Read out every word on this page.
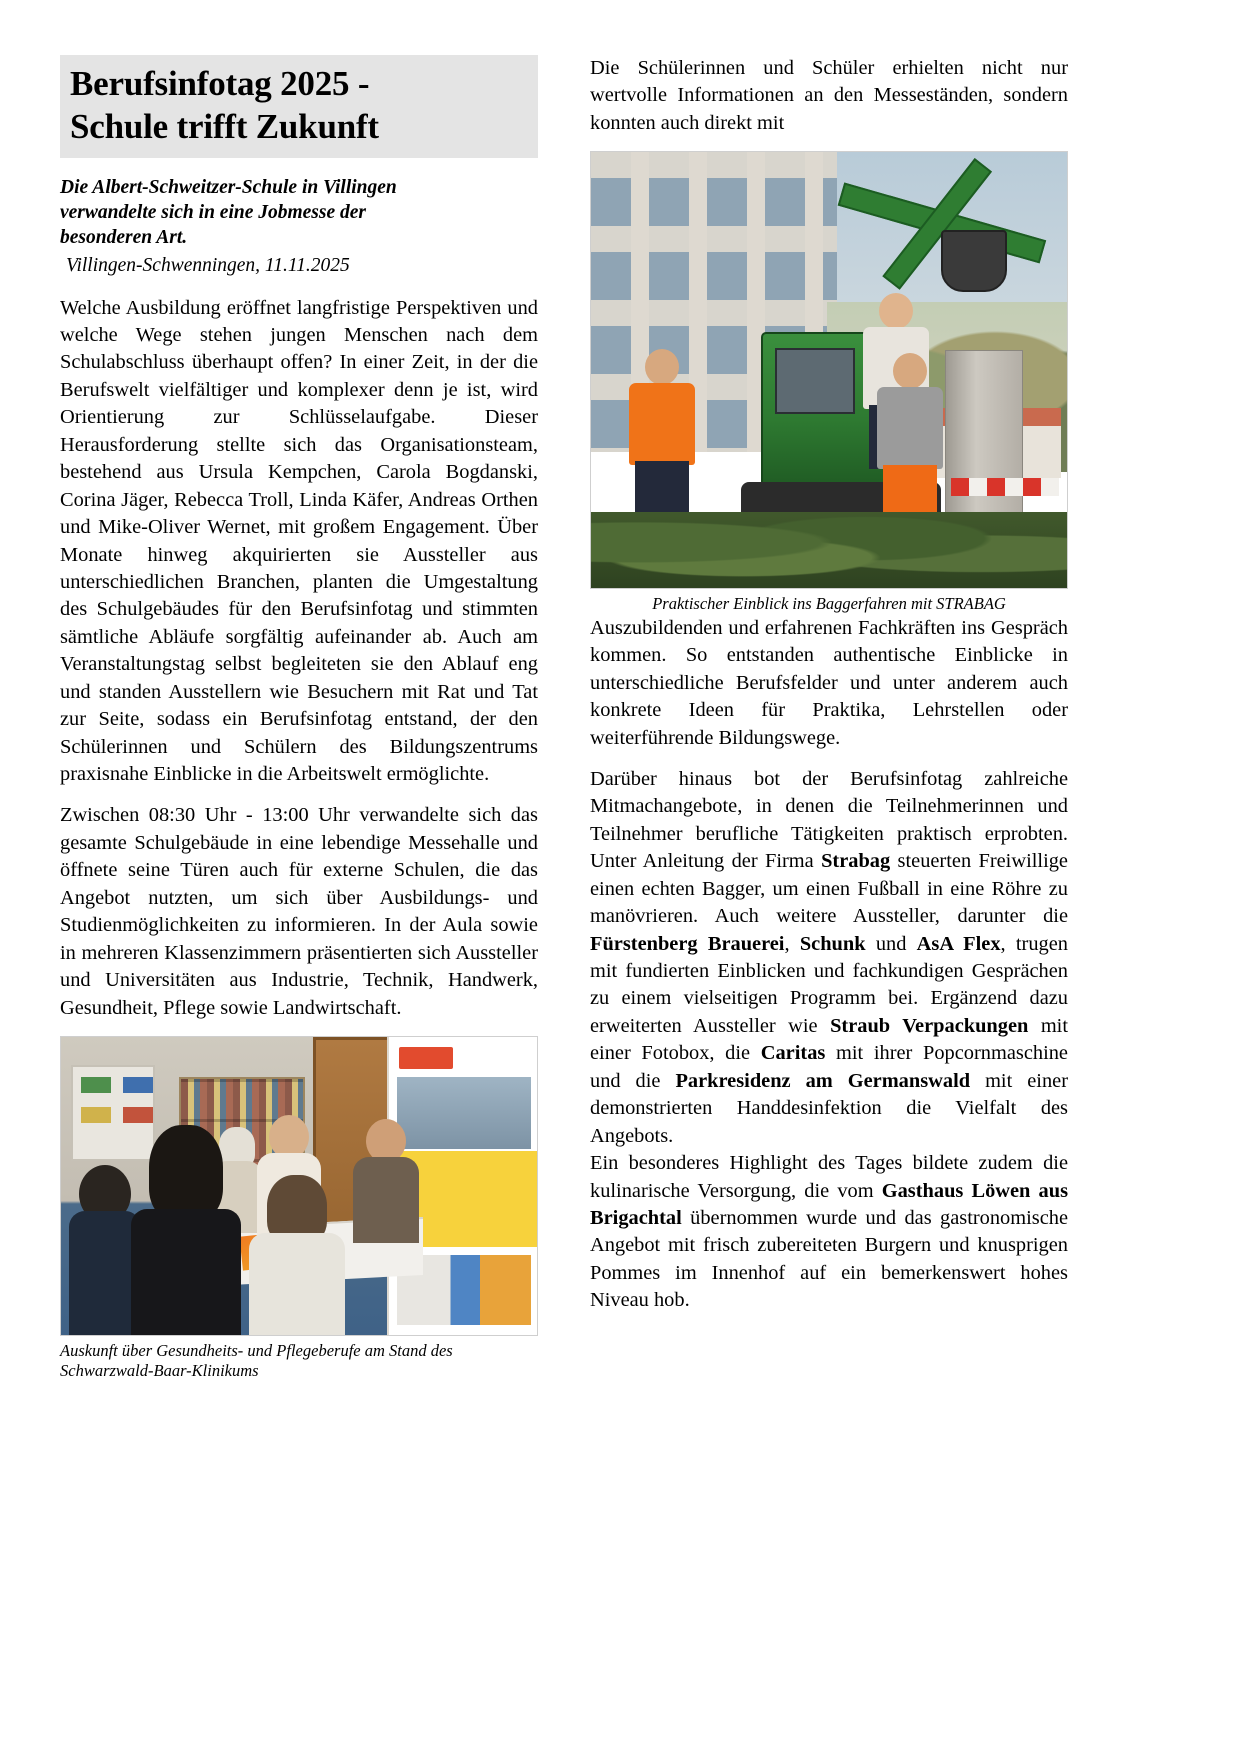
Berufsinfotag 2025 -
Schule trifft Zukunft
Die Albert-Schweitzer-Schule in Villingen
verwandelte sich in eine Jobmesse der
besonderen Art.
Villingen-Schwenningen, 11.11.2025

Welche Ausbildung eröffnet langfristige Perspektiven und welche Wege stehen jungen Menschen nach dem Schulabschluss überhaupt offen? In einer Zeit, in der die Berufswelt vielfältiger und komplexer denn je ist, wird Orientierung zur Schlüsselaufgabe. Dieser Herausforderung stellte sich das Organisationsteam, bestehend aus Ursula Kempchen, Carola Bogdanski, Corina Jäger, Rebecca Troll, Linda Käfer, Andreas Orthen und Mike-Oliver Wernet, mit großem Engagement. Über Monate hinweg akquirierten sie Aussteller aus unterschiedlichen Branchen, planten die Umgestaltung des Schulgebäudes für den Berufsinfotag und stimmten sämtliche Abläufe sorgfältig aufeinander ab. Auch am Veranstaltungstag selbst begleiteten sie den Ablauf eng und standen Ausstellern wie Besuchern mit Rat und Tat zur Seite, sodass ein Berufsinfotag entstand, der den Schülerinnen und Schülern des Bildungszentrums praxisnahe Einblicke in die Arbeitswelt ermöglichte.

Zwischen 08:30 Uhr - 13:00 Uhr verwandelte sich das gesamte Schulgebäude in eine lebendige Messehalle und öffnete seine Türen auch für externe Schulen, die das Angebot nutzten, um sich über Ausbildungs- und Studienmöglichkeiten zu informieren. In der Aula sowie in mehreren Klassenzimmern präsentierten sich Aussteller und Universitäten aus Industrie, Technik, Handwerk, Gesundheit, Pflege sowie Landwirtschaft.

Auskunft über Gesundheits- und Pflegeberufe am Stand des Schwarzwald-Baar-Klinikums

Die Schülerinnen und Schüler erhielten nicht nur wertvolle Informationen an den Messeständen, sondern konnten auch direkt mit

Praktischer Einblick ins Baggerfahren mit STRABAG

Auszubildenden und erfahrenen Fachkräften ins Gespräch kommen. So entstanden authentische Einblicke in unterschiedliche Berufsfelder und unter anderem auch konkrete Ideen für Praktika, Lehrstellen oder weiterführende Bildungswege.

Darüber hinaus bot der Berufsinfotag zahlreiche Mitmachangebote, in denen die Teilnehmerinnen und Teilnehmer berufliche Tätigkeiten praktisch erprobten. Unter Anleitung der Firma Strabag steuerten Freiwillige einen echten Bagger, um einen Fußball in eine Röhre zu manövrieren. Auch weitere Aussteller, darunter die Fürstenberg Brauerei, Schunk und AsA Flex, trugen mit fundierten Einblicken und fachkundigen Gesprächen zu einem vielseitigen Programm bei. Ergänzend dazu erweiterten Aussteller wie Straub Verpackungen mit einer Fotobox, die Caritas mit ihrer Popcornmaschine und die Parkresidenz am Germanswald mit einer demonstrierten Handdesinfektion die Vielfalt des Angebots.

Ein besonderes Highlight des Tages bildete zudem die kulinarische Versorgung, die vom Gasthaus Löwen aus Brigachtal übernommen wurde und das gastronomische Angebot mit frisch zubereiteten Burgern und knusprigen Pommes im Innenhof auf ein bemerkenswert hohes Niveau hob.
